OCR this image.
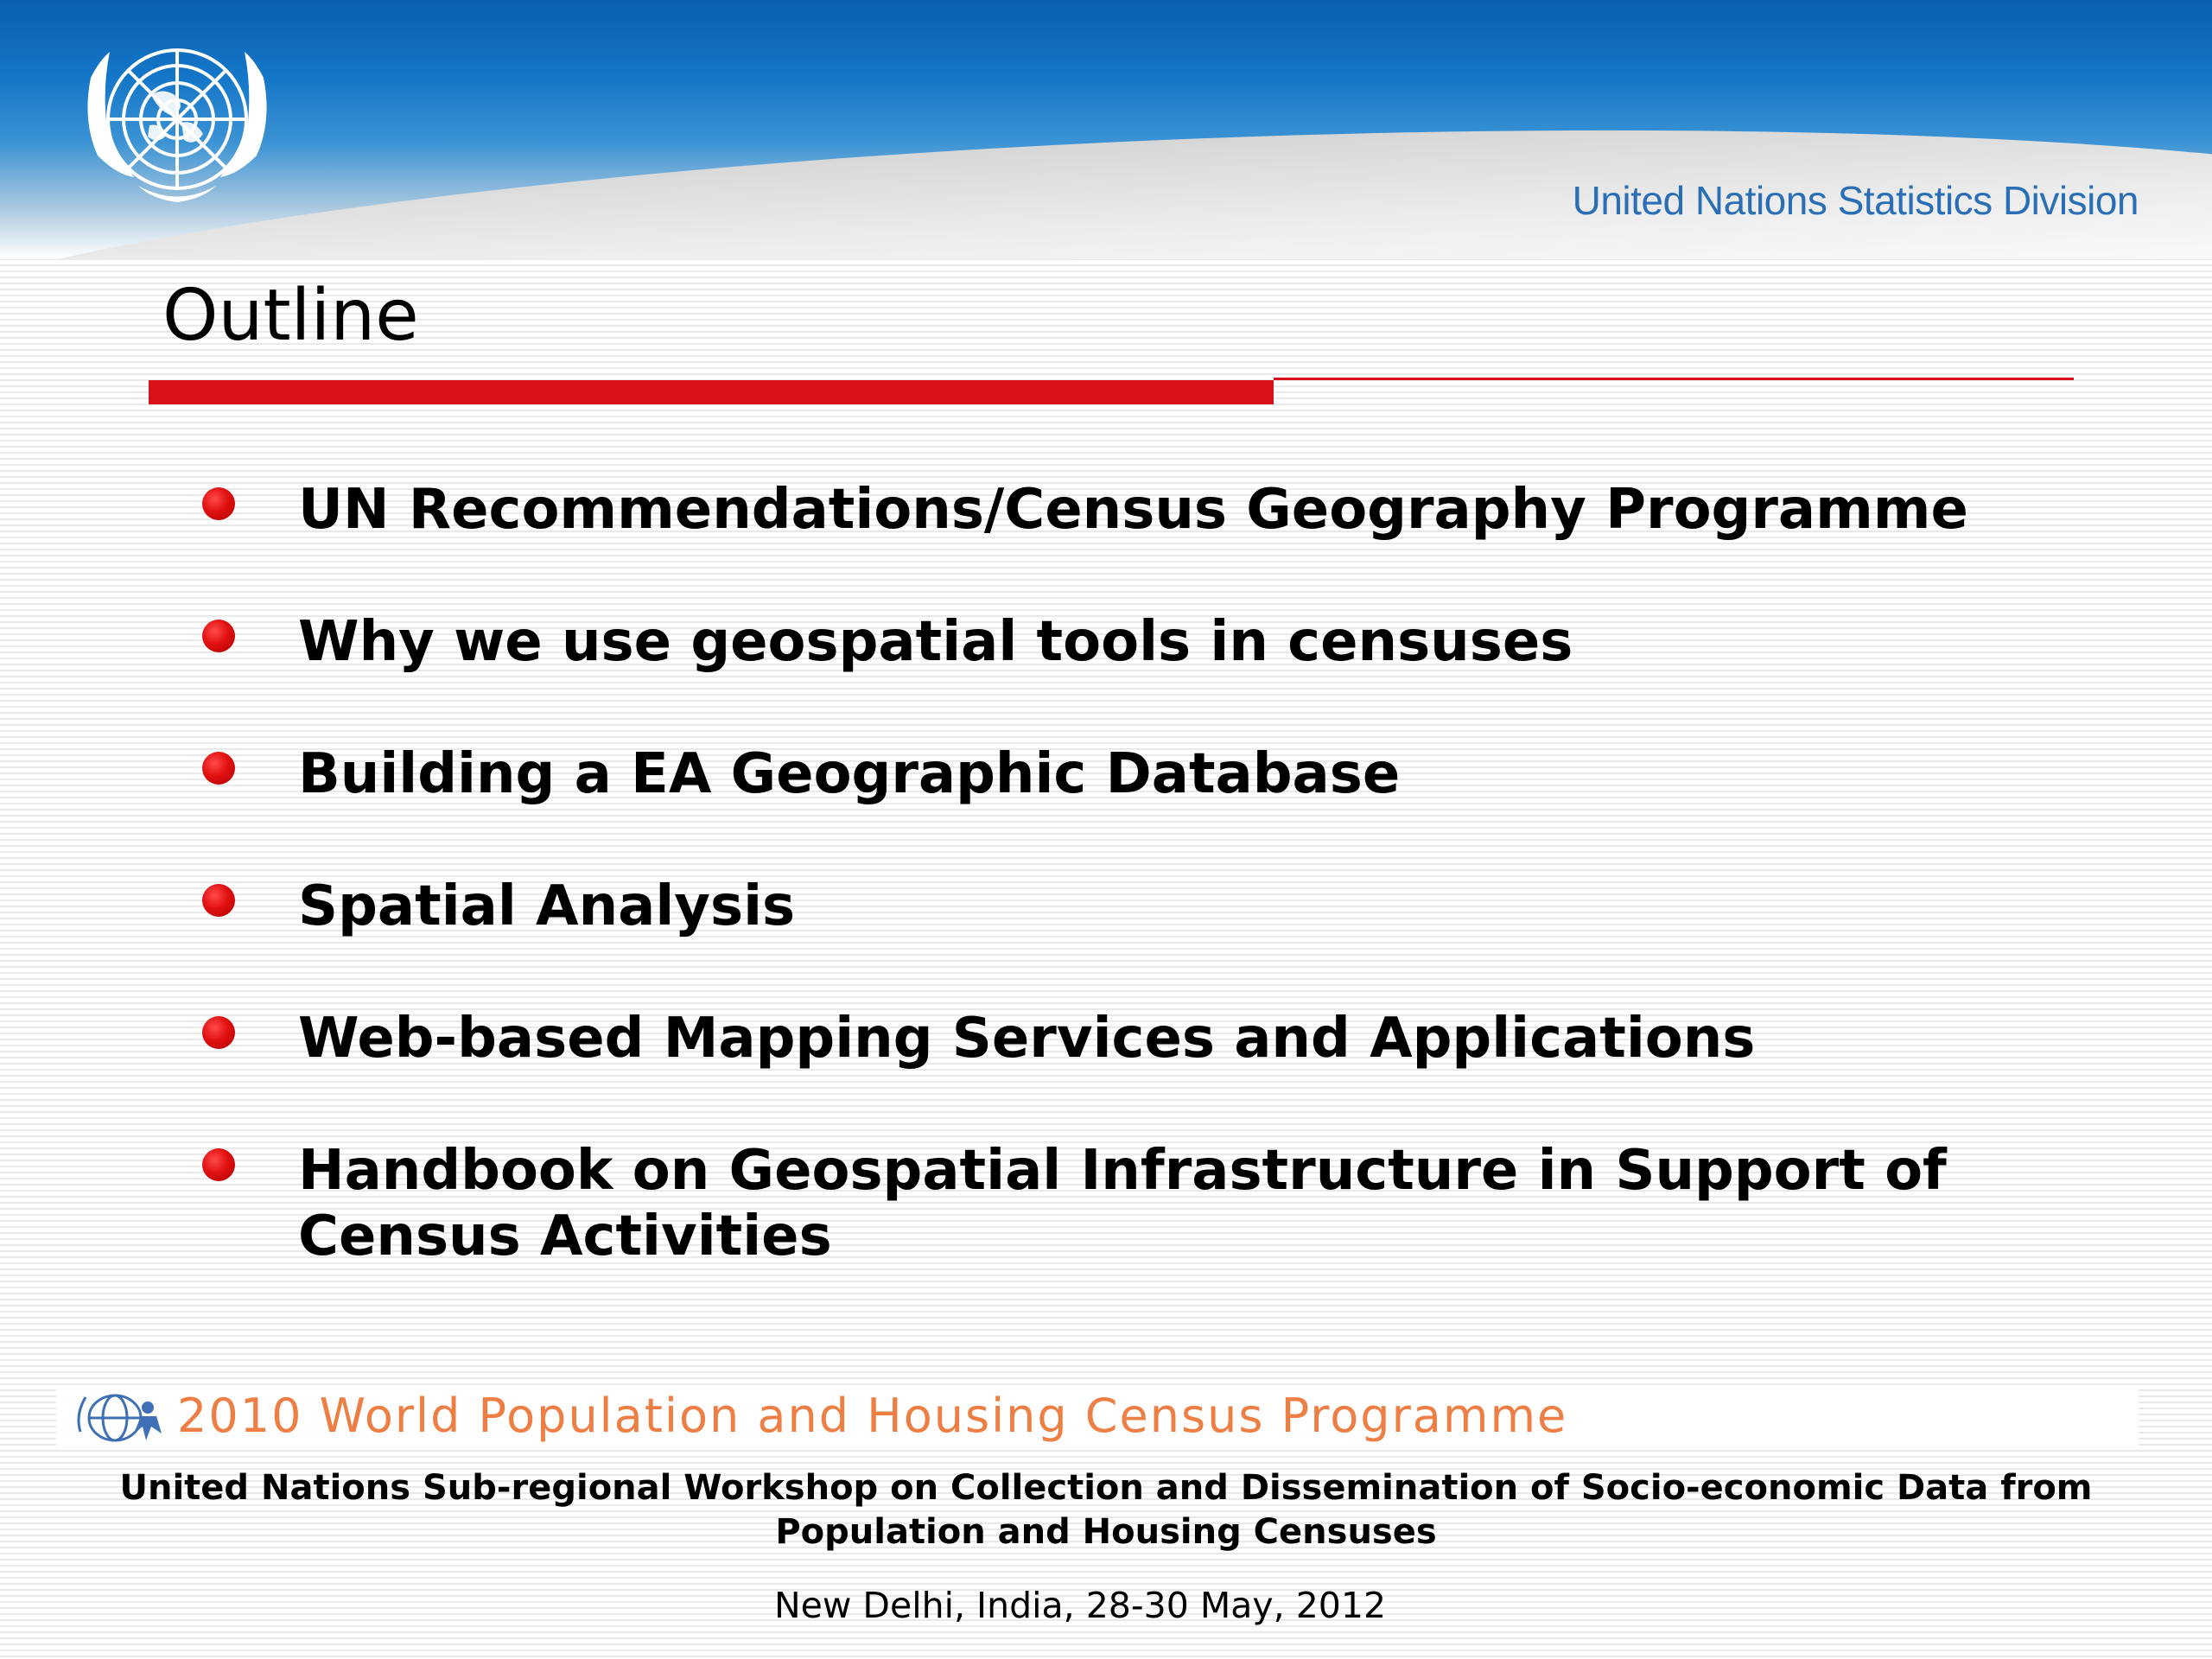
United Nations Statistics Division
Outline
UN Recommendations/Census Geography Programme
Why we use geospatial tools in censuses
Building a EA Geographic Database
Spatial Analysis
Web-based Mapping Services and Applications
Handbook on Geospatial Infrastructure in Support of Census Activities
2010 World Population and Housing Census Programme
United Nations Sub-regional Workshop on Collection and Dissemination of Socio-economic Data from Population and Housing Censuses
New Delhi, India, 28-30 May, 2012
